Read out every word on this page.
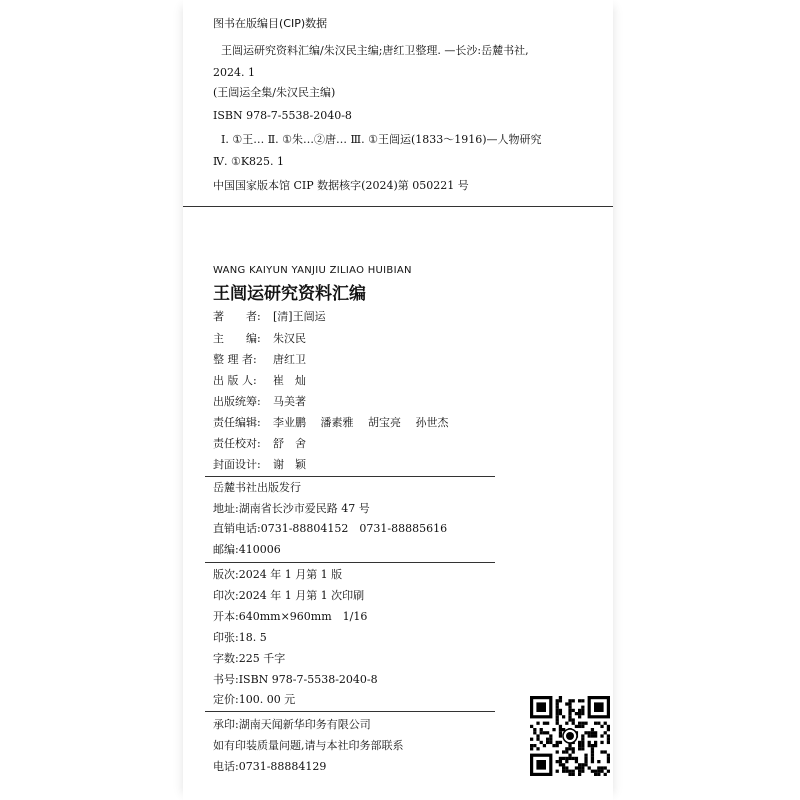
图书在版编目(CIP)数据
王闿运研究资料汇编/朱汉民主编;唐红卫整理. —长沙:岳麓书社,
2024. 1
(王闿运全集/朱汉民主编)
ISBN 978-7-5538-2040-8
Ⅰ. ①王… Ⅱ. ①朱…②唐… Ⅲ. ①王闿运(1833～1916)—人物研究
Ⅳ. ①K825. 1
中国国家版本馆 CIP 数据核字(2024)第 050221 号
WANG KAIYUN YANJIU ZILIAO HUIBIAN
王闿运研究资料汇编
著　　者: [清]王闿运
主　　编: 朱汉民
整 理 者: 唐红卫
出 版 人: 崔　灿
出版统筹: 马美著
责任编辑: 李业鹏　 潘素雅　 胡宝亮　 孙世杰
责任校对: 舒　舍
封面设计: 谢　颖
岳麓书社出版发行
地址:湖南省长沙市爱民路 47 号
直销电话:0731-88804152　0731-88885616
邮编:410006
版次:2024 年 1 月第 1 版
印次:2024 年 1 月第 1 次印刷
开本:640mm×960mm　1/16
印张:18. 5
字数:225 千字
书号:ISBN 978-7-5538-2040-8
定价:100. 00 元
承印:湖南天闻新华印务有限公司
如有印装质量问题,请与本社印务部联系
电话:0731-88884129
